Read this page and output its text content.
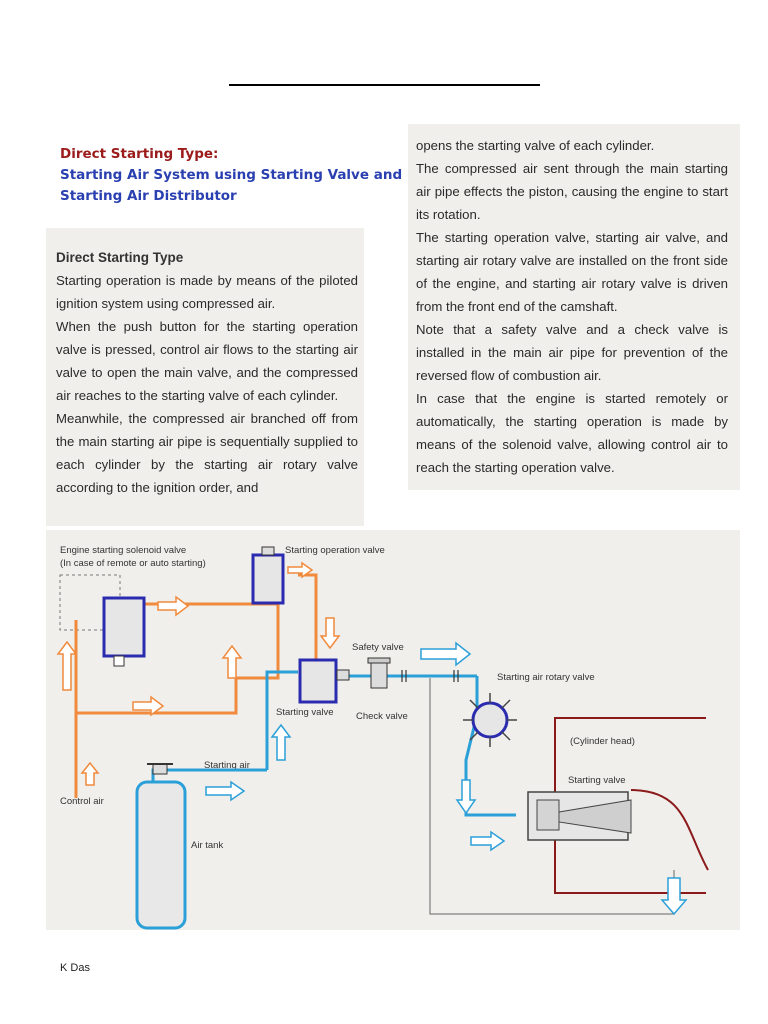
Direct Starting Type:
Starting Air System using Starting Valve and
Starting Air Distributor

Direct Starting Type

Starting operation is made by means of the piloted ignition system using compressed air.

When the push button for the starting operation valve is pressed, control air flows to the starting air valve to open the main valve, and the compressed air reaches to the starting valve of each cylinder.

Meanwhile, the compressed air branched off from the main starting air pipe is sequentially supplied to each cylinder by the starting air rotary valve according to the ignition order, and

opens the starting valve of each cylinder.

The compressed air sent through the main starting air pipe effects the piston, causing the engine to start its rotation.

The starting operation valve, starting air valve, and starting air rotary valve are installed on the front side of the engine, and starting air rotary valve is driven from the front end of the camshaft.

Note that a safety valve and a check valve is installed in the main air pipe for prevention of the reversed flow of combustion air.

In case that the engine is started remotely or automatically, the starting operation is made by means of the solenoid valve, allowing control air to reach the starting operation valve.

Engine starting solenoid valve
(In case of remote or auto starting)
Starting operation valve
Safety valve
Starting air rotary valve
Starting valve Check valve
(Cylinder head)
Starting valve
Starting air
Control air
Air tank
K Das
